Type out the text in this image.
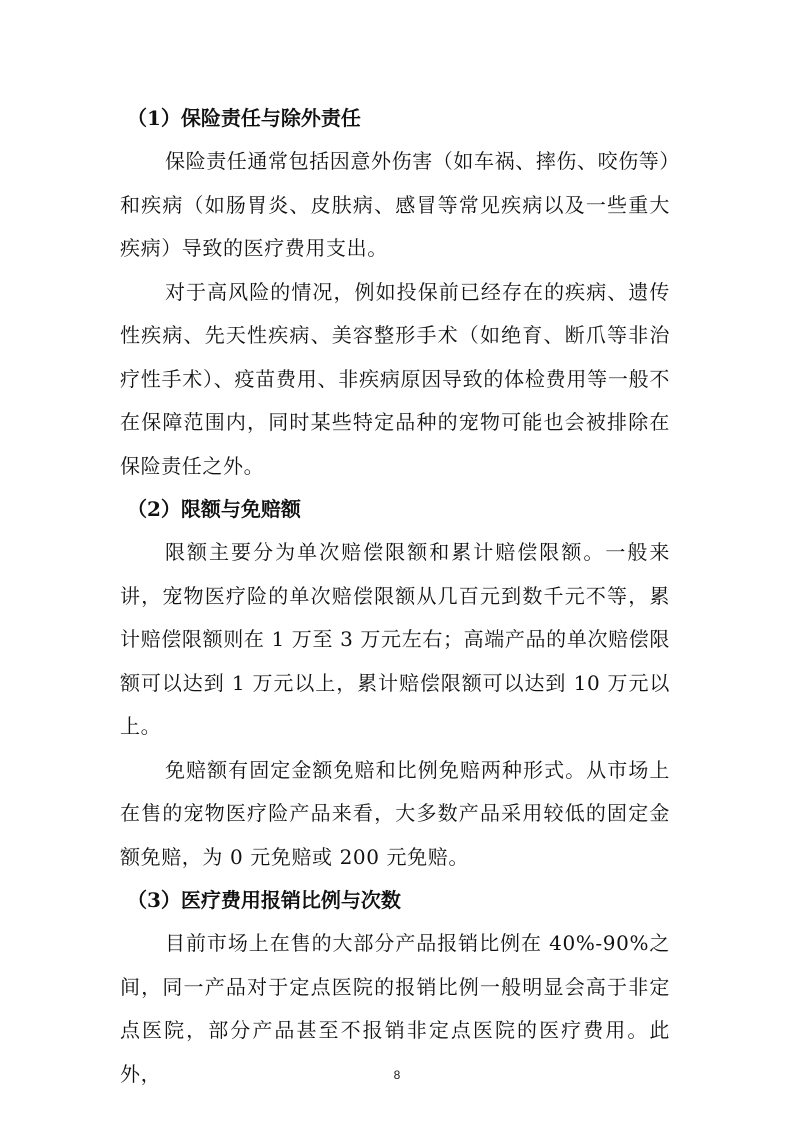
（1）保险责任与除外责任

保险责任通常包括因意外伤害（如车祸、摔伤、咬伤等）和疾病（如肠胃炎、皮肤病、感冒等常见疾病以及一些重大疾病）导致的医疗费用支出。

对于高风险的情况，例如投保前已经存在的疾病、遗传性疾病、先天性疾病、美容整形手术（如绝育、断爪等非治疗性手术）、疫苗费用、非疾病原因导致的体检费用等一般不在保障范围内，同时某些特定品种的宠物可能也会被排除在保险责任之外。

（2）限额与免赔额

限额主要分为单次赔偿限额和累计赔偿限额。一般来讲，宠物医疗险的单次赔偿限额从几百元到数千元不等，累计赔偿限额则在 1 万至 3 万元左右；高端产品的单次赔偿限额可以达到 1 万元以上，累计赔偿限额可以达到 10 万元以上。

免赔额有固定金额免赔和比例免赔两种形式。从市场上在售的宠物医疗险产品来看，大多数产品采用较低的固定金额免赔，为 0 元免赔或 200 元免赔。

（3）医疗费用报销比例与次数

目前市场上在售的大部分产品报销比例在 40%-90%之间，同一产品对于定点医院的报销比例一般明显会高于非定点医院，部分产品甚至不报销非定点医院的医疗费用。此外，	8
